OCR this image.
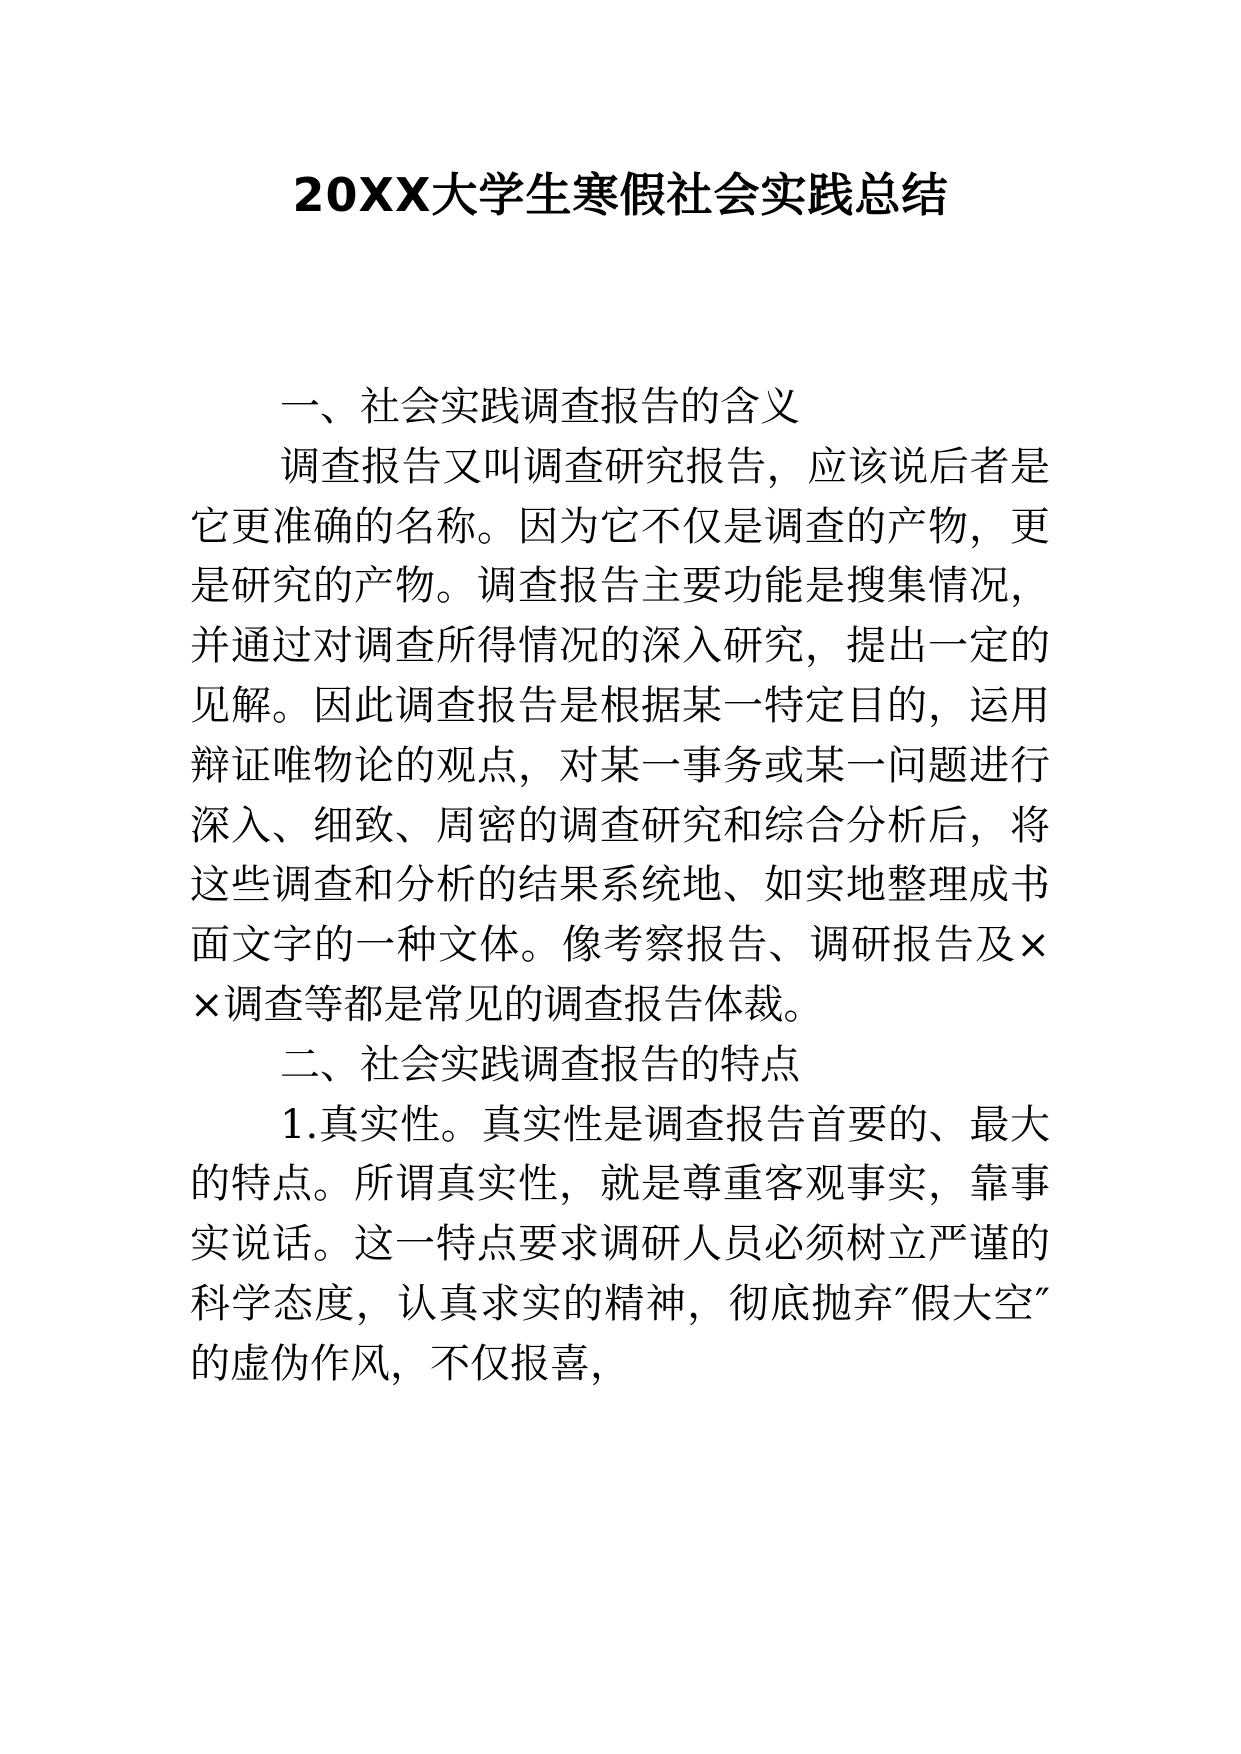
20XX大学生寒假社会实践总结

一、社会实践调查报告的含义

调查报告又叫调查研究报告，应该说后者是它更准确的名称。因为它不仅是调查的产物，更是研究的产物。调查报告主要功能是搜集情况，并通过对调查所得情况的深入研究，提出一定的见解。因此调查报告是根据某一特定目的，运用辩证唯物论的观点，对某一事务或某一问题进行深入、细致、周密的调查研究和综合分析后，将这些调查和分析的结果系统地、如实地整理成书面文字的一种文体。像考察报告、调研报告及××调查等都是常见的调查报告体裁。

二、社会实践调查报告的特点

1.真实性。真实性是调查报告首要的、最大的特点。所谓真实性，就是尊重客观事实，靠事实说话。这一特点要求调研人员必须树立严谨的科学态度，认真求实的精神，彻底抛弃″假大空″的虚伪作风，不仅报喜，
